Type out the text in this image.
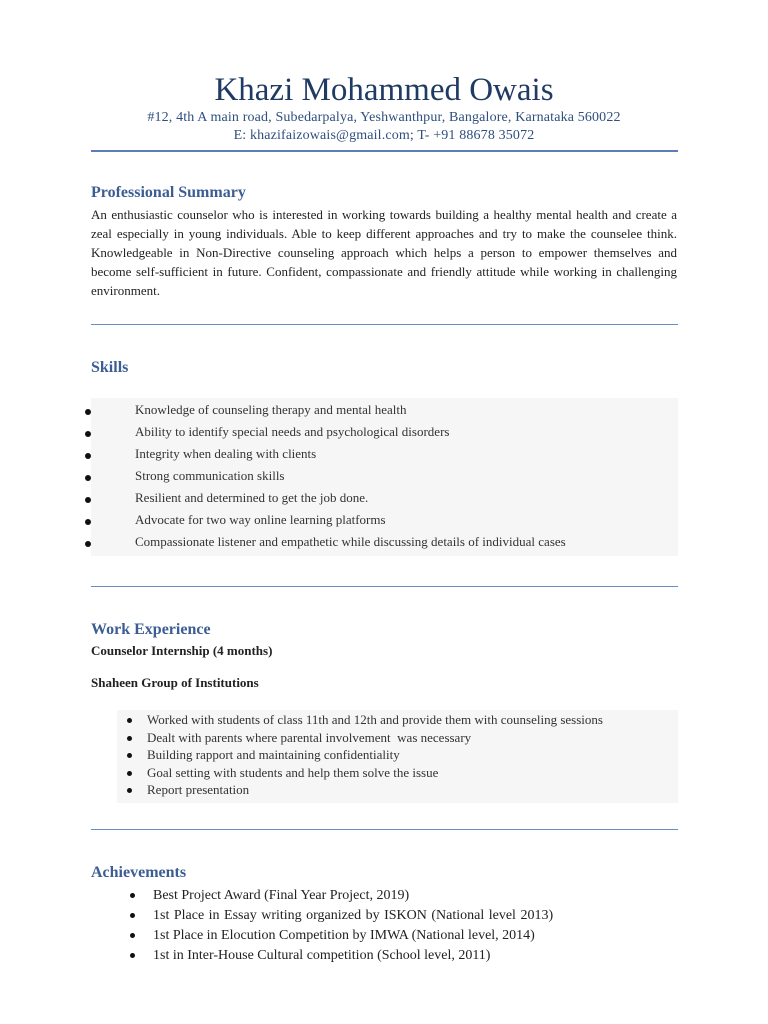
Khazi Mohammed Owais
#12, 4th A main road, Subedarpalya, Yeshwanthpur, Bangalore, Karnataka 560022
E: khazifaizowais@gmail.com; T- +91 88678 35072
Professional Summary
An enthusiastic counselor who is interested in working towards building a healthy mental health and create a zeal especially in young individuals. Able to keep different approaches and try to make the counselee think. Knowledgeable in Non-Directive counseling approach which helps a person to empower themselves and become self-sufficient in future. Confident, compassionate and friendly attitude while working in challenging environment.
Skills
Knowledge of counseling therapy and mental health
Ability to identify special needs and psychological disorders
Integrity when dealing with clients
Strong communication skills
Resilient and determined to get the job done.
Advocate for two way online learning platforms
Compassionate listener and empathetic while discussing details of individual cases
Work Experience
Counselor Internship (4 months)
Shaheen Group of Institutions
Worked with students of class 11th and 12th and provide them with counseling sessions
Dealt with parents where parental involvement  was necessary
Building rapport and maintaining confidentiality
Goal setting with students and help them solve the issue
Report presentation
Achievements
Best Project Award (Final Year Project, 2019)
1st Place in Essay writing organized by ISKON (National level 2013)
1st Place in Elocution Competition by IMWA (National level, 2014)
1st in Inter-House Cultural competition (School level, 2011)
